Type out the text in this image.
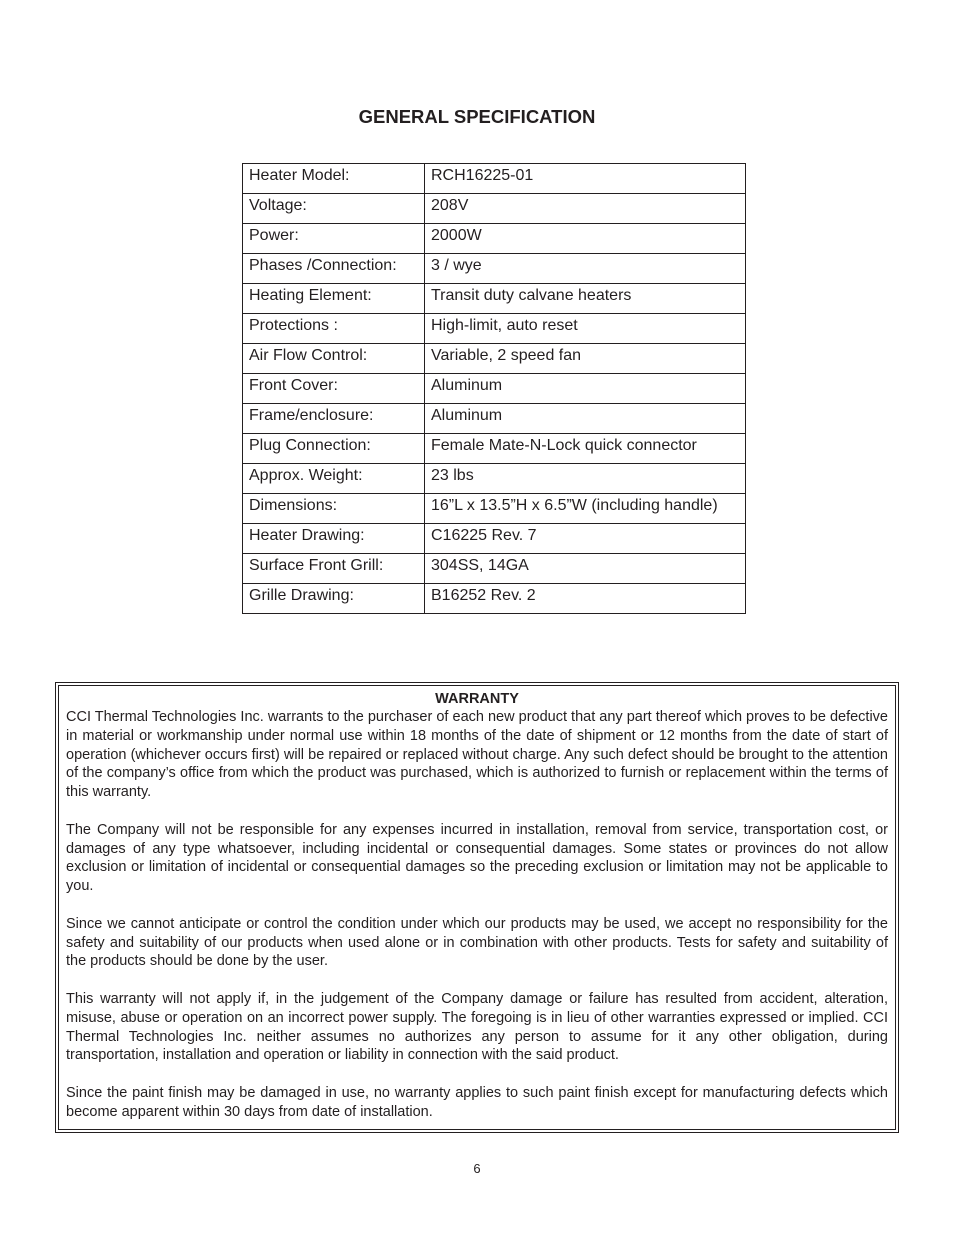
GENERAL SPECIFICATION
Heater Model:	RCH16225-01
Voltage:	208V
Power:	2000W
Phases /Connection:	3 / wye
Heating Element:	Transit duty calvane heaters
Protections :	High-limit, auto reset
Air Flow Control:	Variable, 2 speed fan
Front Cover:	Aluminum
Frame/enclosure:	Aluminum
Plug Connection:	Female Mate-N-Lock quick connector
Approx. Weight:	23 lbs
Dimensions:	16”L x 13.5”H x 6.5”W (including handle)
Heater Drawing:	C16225 Rev. 7
Surface Front Grill:	304SS, 14GA
Grille Drawing:	B16252 Rev. 2

WARRANTY

CCI Thermal Technologies Inc. warrants to the purchaser of each new product that any part thereof which proves to be defective in material or workmanship under normal use within 18 months of the date of shipment or 12 months from the date of start of operation (whichever occurs first) will be repaired or replaced without charge. Any such defect should be brought to the attention of the company’s office from which the product was purchased, which is authorized to furnish or replacement within the terms of this warranty.

The Company will not be responsible for any expenses incurred in installation, removal from service, transportation cost, or damages of any type whatsoever, including incidental or consequential damages. Some states or provinces do not allow exclusion or limitation of incidental or consequential damages so the preceding exclusion or limitation may not be applicable to you.

Since we cannot anticipate or control the condition under which our products may be used, we accept no responsibility for the safety and suitability of our products when used alone or in combination with other products. Tests for safety and suitability of the products should be done by the user.

This warranty will not apply if, in the judgement of the Company damage or failure has resulted from accident, alteration, misuse, abuse or operation on an incorrect power supply. The foregoing is in lieu of other warranties expressed or implied. CCI Thermal Technologies Inc. neither assumes no authorizes any person to assume for it any other obligation, during transportation, installation and operation or liability in connection with the said product.

Since the paint finish may be damaged in use, no warranty applies to such paint finish except for manufacturing defects which become apparent within 30 days from date of installation.

6
